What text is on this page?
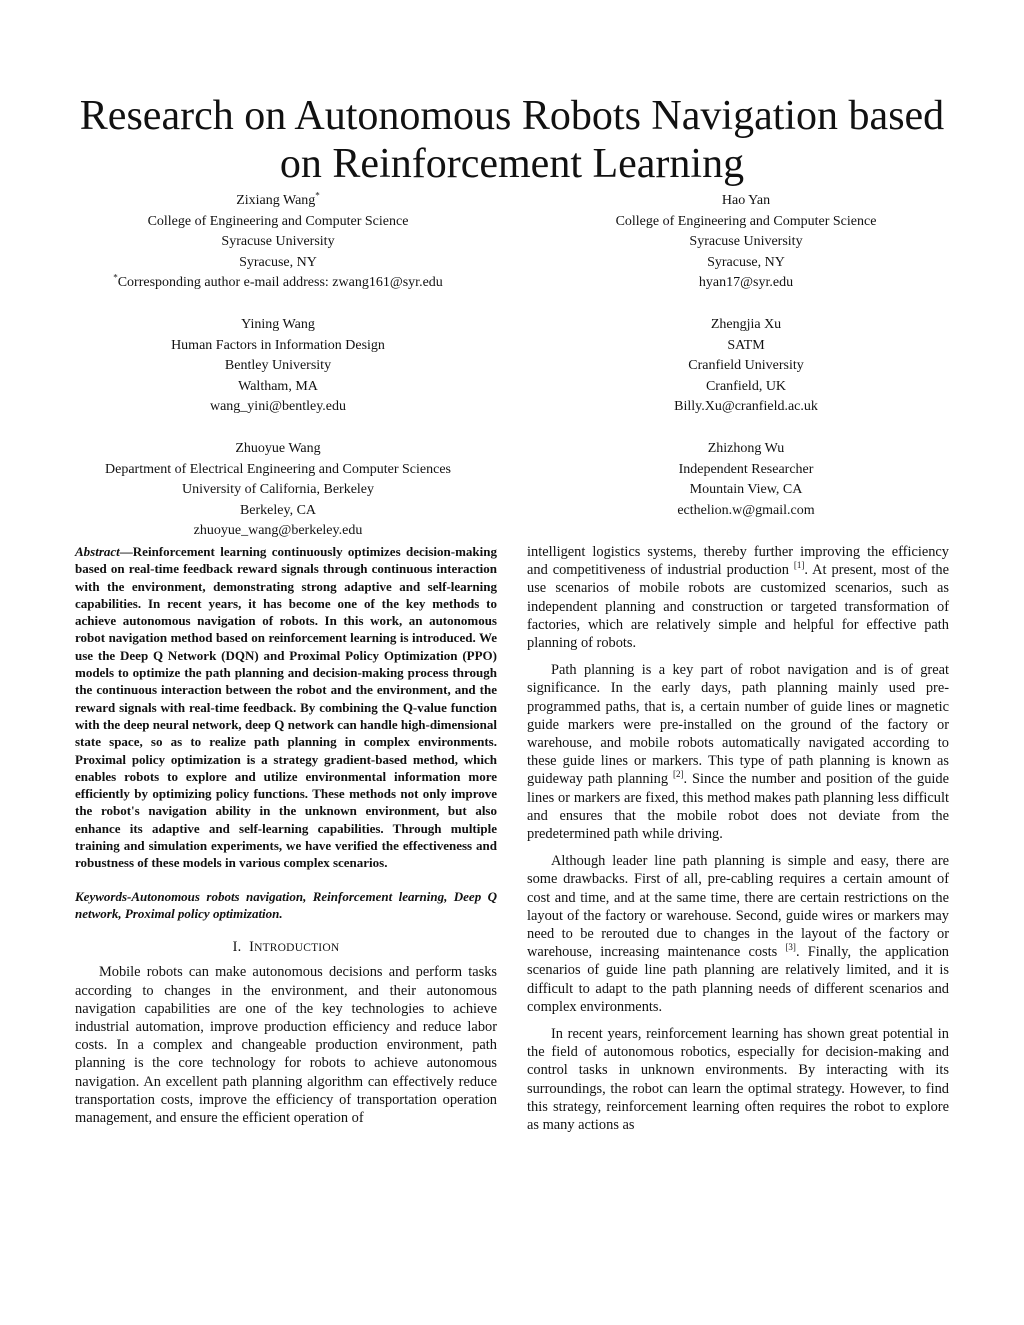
Research on Autonomous Robots Navigation based
on Reinforcement Learning
Zixiang Wang*
College of Engineering and Computer Science
Syracuse University
Syracuse, NY
*Corresponding author e-mail address: zwang161@syr.edu
Hao Yan
College of Engineering and Computer Science
Syracuse University
Syracuse, NY
hyan17@syr.edu
Yining Wang
Human Factors in Information Design
Bentley University
Waltham, MA
wang_yini@bentley.edu
Zhengjia Xu
SATM
Cranfield University
Cranfield, UK
Billy.Xu@cranfield.ac.uk
Zhuoyue Wang
Department of Electrical Engineering and Computer Sciences
University of California, Berkeley
Berkeley, CA
zhuoyue_wang@berkeley.edu
Zhizhong Wu
Independent Researcher
Mountain View, CA
ecthelion.w@gmail.com

Abstract—Reinforcement learning continuously optimizes decision-making based on real-time feedback reward signals through continuous interaction with the environment, demonstrating strong adaptive and self-learning capabilities. In recent years, it has become one of the key methods to achieve autonomous navigation of robots. In this work, an autonomous robot navigation method based on reinforcement learning is introduced. We use the Deep Q Network (DQN) and Proximal Policy Optimization (PPO) models to optimize the path planning and decision-making process through the continuous interaction between the robot and the environment, and the reward signals with real-time feedback. By combining the Q-value function with the deep neural network, deep Q network can handle high-dimensional state space, so as to realize path planning in complex environments. Proximal policy optimization is a strategy gradient-based method, which enables robots to explore and utilize environmental information more efficiently by optimizing policy functions. These methods not only improve the robot's navigation ability in the unknown environment, but also enhance its adaptive and self-learning capabilities. Through multiple training and simulation experiments, we have verified the effectiveness and robustness of these models in various complex scenarios.

Keywords-Autonomous robots navigation, Reinforcement learning, Deep Q network, Proximal policy optimization.

I. INTRODUCTION

Mobile robots can make autonomous decisions and perform tasks according to changes in the environment, and their autonomous navigation capabilities are one of the key technologies to achieve industrial automation, improve production efficiency and reduce labor costs. In a complex and changeable production environment, path planning is the core technology for robots to achieve autonomous navigation. An excellent path planning algorithm can effectively reduce transportation costs, improve the efficiency of transportation operation management, and ensure the efficient operation of

intelligent logistics systems, thereby further improving the efficiency and competitiveness of industrial production [1]. At present, most of the use scenarios of mobile robots are customized scenarios, such as independent planning and construction or targeted transformation of factories, which are relatively simple and helpful for effective path planning of robots.

Path planning is a key part of robot navigation and is of great significance. In the early days, path planning mainly used pre-programmed paths, that is, a certain number of guide lines or magnetic guide markers were pre-installed on the ground of the factory or warehouse, and mobile robots automatically navigated according to these guide lines or markers. This type of path planning is known as guideway path planning [2]. Since the number and position of the guide lines or markers are fixed, this method makes path planning less difficult and ensures that the mobile robot does not deviate from the predetermined path while driving.

Although leader line path planning is simple and easy, there are some drawbacks. First of all, pre-cabling requires a certain amount of cost and time, and at the same time, there are certain restrictions on the layout of the factory or warehouse. Second, guide wires or markers may need to be rerouted due to changes in the layout of the factory or warehouse, increasing maintenance costs [3]. Finally, the application scenarios of guide line path planning are relatively limited, and it is difficult to adapt to the path planning needs of different scenarios and complex environments.

In recent years, reinforcement learning has shown great potential in the field of autonomous robotics, especially for decision-making and control tasks in unknown environments. By interacting with its surroundings, the robot can learn the optimal strategy. However, to find this strategy, reinforcement learning often requires the robot to explore as many actions as
